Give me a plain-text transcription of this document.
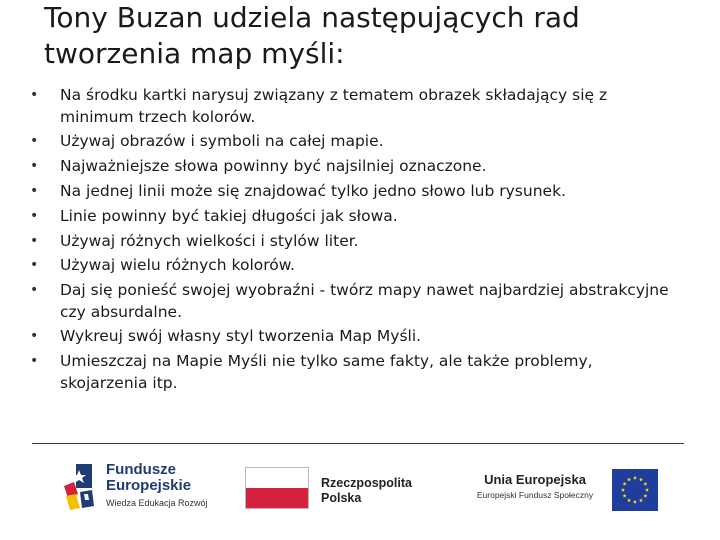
Tony Buzan udziela następujących rad
tworzenia map myśli:
• Na środku kartki narysuj związany z tematem obrazek składający się z minimum trzech kolorów.
• Używaj obrazów i symboli na całej mapie.
• Najważniejsze słowa powinny być najsilniej oznaczone.
• Na jednej linii może się znajdować tylko jedno słowo lub rysunek.
• Linie powinny być takiej długości jak słowa.
• Używaj różnych wielkości i stylów liter.
• Używaj wielu różnych kolorów.
• Daj się ponieść swojej wyobraźni - twórz mapy nawet najbardziej abstrakcyjne czy absurdalne.
• Wykreuj swój własny styl tworzenia Map Myśli.
• Umieszczaj na Mapie Myśli nie tylko same fakty, ale także problemy, skojarzenia itp.
Fundusze
Europejskie
Wiedza Edukacja Rozwój
Rzeczpospolita
Polska
Unia Europejska
Europejski Fundusz Społeczny
